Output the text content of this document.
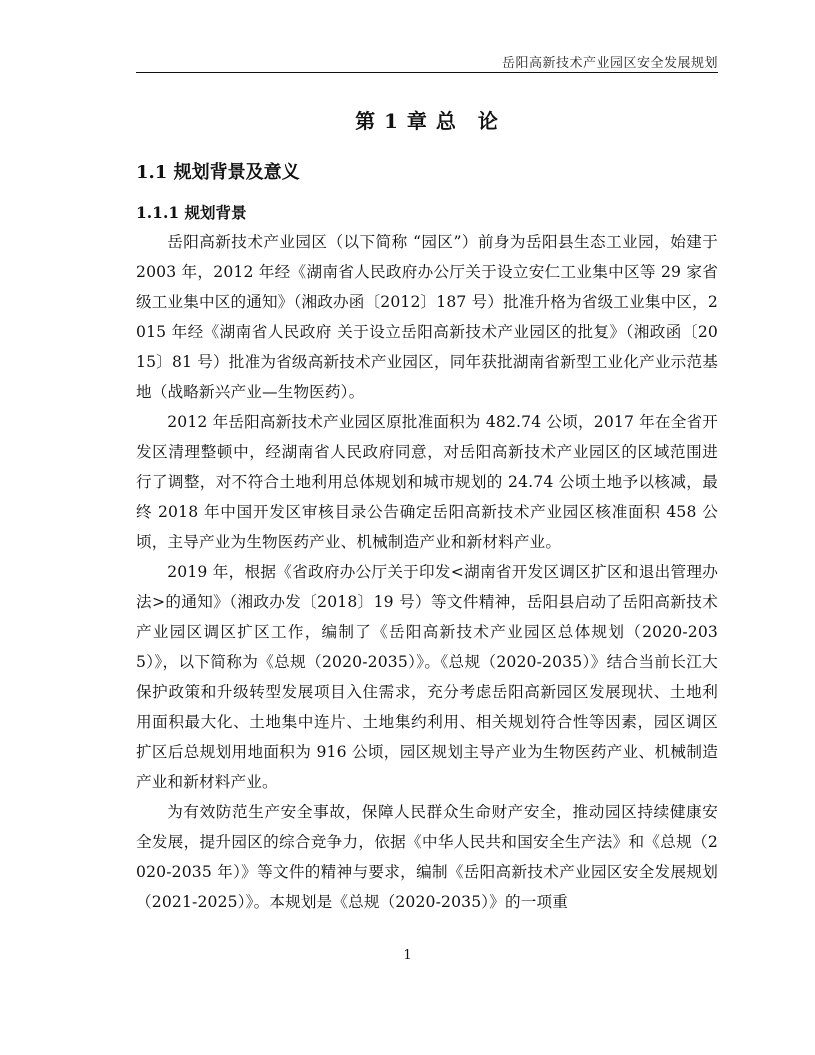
岳阳高新技术产业园区安全发展规划
第 1 章 总　论
1.1 规划背景及意义
1.1.1 规划背景

岳阳高新技术产业园区（以下简称 “园区”）前身为岳阳县生态工业园，始建于 2003 年，2012 年经《湖南省人民政府办公厅关于设立安仁工业集中区等 29 家省级工业集中区的通知》（湘政办函〔2012〕187 号）批准升格为省级工业集中区，2015 年经《湖南省人民政府 关于设立岳阳高新技术产业园区的批复》（湘政函〔2015〕81 号）批准为省级高新技术产业园区，同年获批湖南省新型工业化产业示范基地（战略新兴产业—生物医药）。

2012 年岳阳高新技术产业园区原批准面积为 482.74 公顷，2017 年在全省开发区清理整顿中，经湖南省人民政府同意，对岳阳高新技术产业园区的区域范围进行了调整，对不符合土地利用总体规划和城市规划的 24.74 公顷土地予以核减，最终 2018 年中国开发区审核目录公告确定岳阳高新技术产业园区核准面积 458 公顷，主导产业为生物医药产业、机械制造产业和新材料产业。

2019 年，根据《省政府办公厅关于印发<湖南省开发区调区扩区和退出管理办法>的通知》（湘政办发〔2018〕19 号）等文件精神，岳阳县启动了岳阳高新技术产业园区调区扩区工作，编制了《岳阳高新技术产业园区总体规划（2020-2035）》，以下简称为《总规（2020-2035）》。《总规（2020-2035）》结合当前长江大保护政策和升级转型发展项目入住需求，充分考虑岳阳高新园区发展现状、土地利用面积最大化、土地集中连片、土地集约利用、相关规划符合性等因素，园区调区扩区后总规划用地面积为 916 公顷，园区规划主导产业为生物医药产业、机械制造产业和新材料产业。

为有效防范生产安全事故，保障人民群众生命财产安全，推动园区持续健康安全发展，提升园区的综合竞争力，依据《中华人民共和国安全生产法》和《总规（2020-2035 年）》等文件的精神与要求，编制《岳阳高新技术产业园区安全发展规划（2021-2025）》。本规划是《总规（2020-2035）》的一项重

1
